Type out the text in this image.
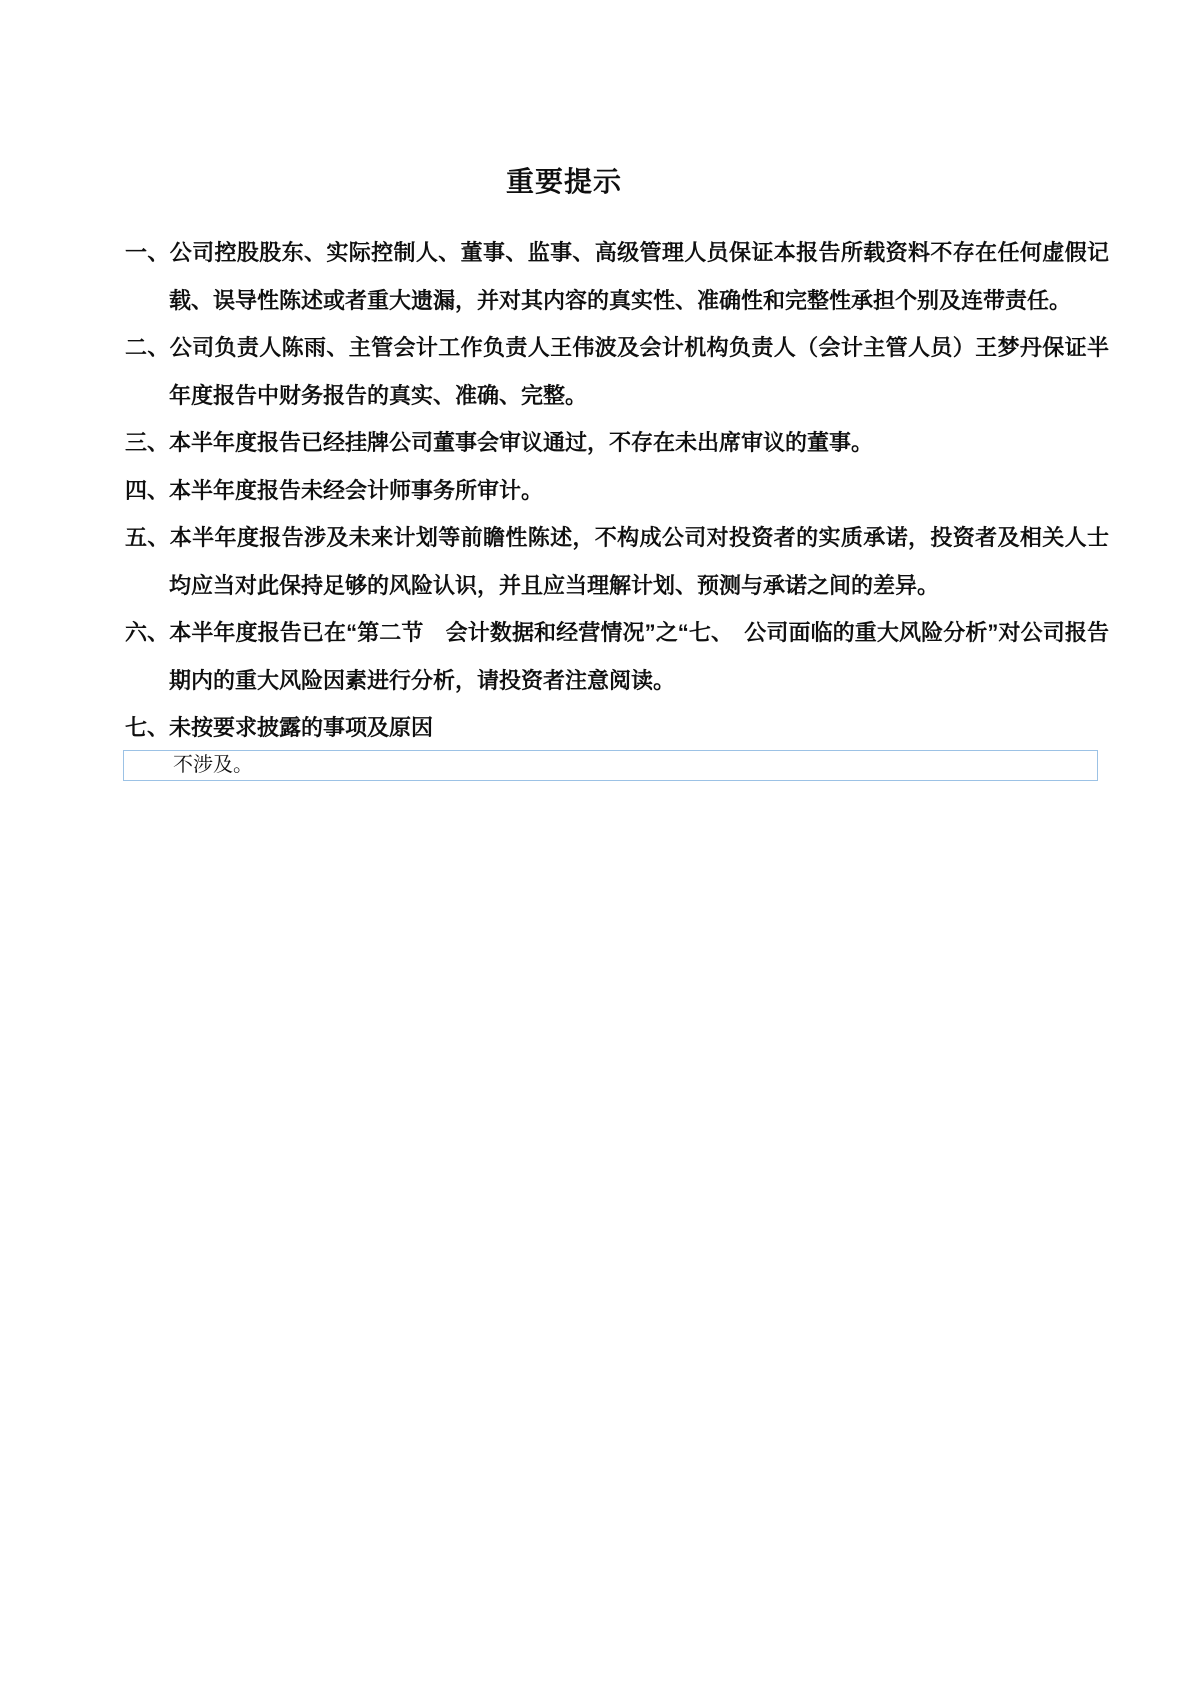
重要提示

一、公司控股股东、实际控制人、董事、监事、高级管理人员保证本报告所载资料不存在任何虚假记载、误导性陈述或者重大遗漏，并对其内容的真实性、准确性和完整性承担个别及连带责任。

二、公司负责人陈雨、主管会计工作负责人王伟波及会计机构负责人（会计主管人员）王梦丹保证半年度报告中财务报告的真实、准确、完整。

三、本半年度报告已经挂牌公司董事会审议通过，不存在未出席审议的董事。

四、本半年度报告未经会计师事务所审计。

五、本半年度报告涉及未来计划等前瞻性陈述，不构成公司对投资者的实质承诺，投资者及相关人士均应当对此保持足够的风险认识，并且应当理解计划、预测与承诺之间的差异。

六、本半年度报告已在“第二节　会计数据和经营情况”之“七、　公司面临的重大风险分析”对公司报告期内的重大风险因素进行分析，请投资者注意阅读。

七、未按要求披露的事项及原因

不涉及。
